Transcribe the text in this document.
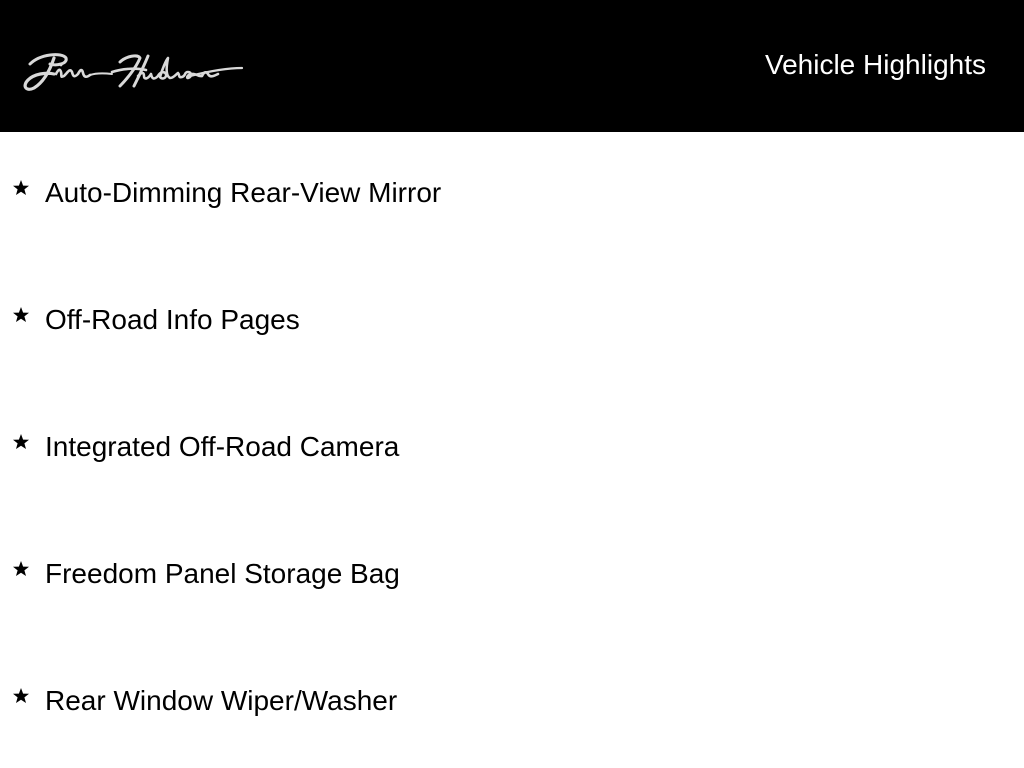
Vehicle Highlights
Auto-Dimming Rear-View Mirror
Off-Road Info Pages
Integrated Off-Road Camera
Freedom Panel Storage Bag
Rear Window Wiper/Washer
